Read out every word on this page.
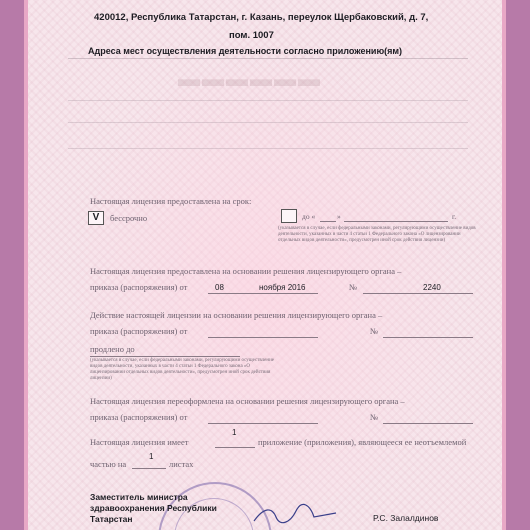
▬▬▬▬▬▬
420012, Республика Татарстан, г. Казань, переулок Щербаковский, д. 7,
пом. 1007
Адреса мест осуществления деятельности согласно приложению(ям)
Настоящая лицензия предоставлена на срок:
V	бессрочно	до «	»	г.
(указывается в случае, если федеральными законами, регулирующими осуществление видов деятельности, указанных в части 4 статьи 1 Федерального закона «О лицензировании отдельных видов деятельности», предусмотрен иной срок действия лицензии)
Настоящая лицензия предоставлена на основании решения лицензирующего органа –
приказа (распоряжения) от	08	ноября 2016	№	2240
Действие настоящей лицензии на основании решения лицензирующего органа –
приказа (распоряжения) от	№
продлено до
(указывается в случае, если федеральными законами, регулирующими осуществление видов деятельности, указанных в части 4 статьи 1 Федерального закона «О лицензировании отдельных видов деятельности», предусмотрен иной срок действия лицензии)
Настоящая лицензия переоформлена на основании решения лицензирующего органа –
приказа (распоряжения) от	№
Настоящая лицензия имеет
1
приложение (приложения), являющееся ее неотъемлемой
частью на
1
листах
Заместитель министра
здравоохранения Республики
Татарстан	Р.С. Залалдинов
